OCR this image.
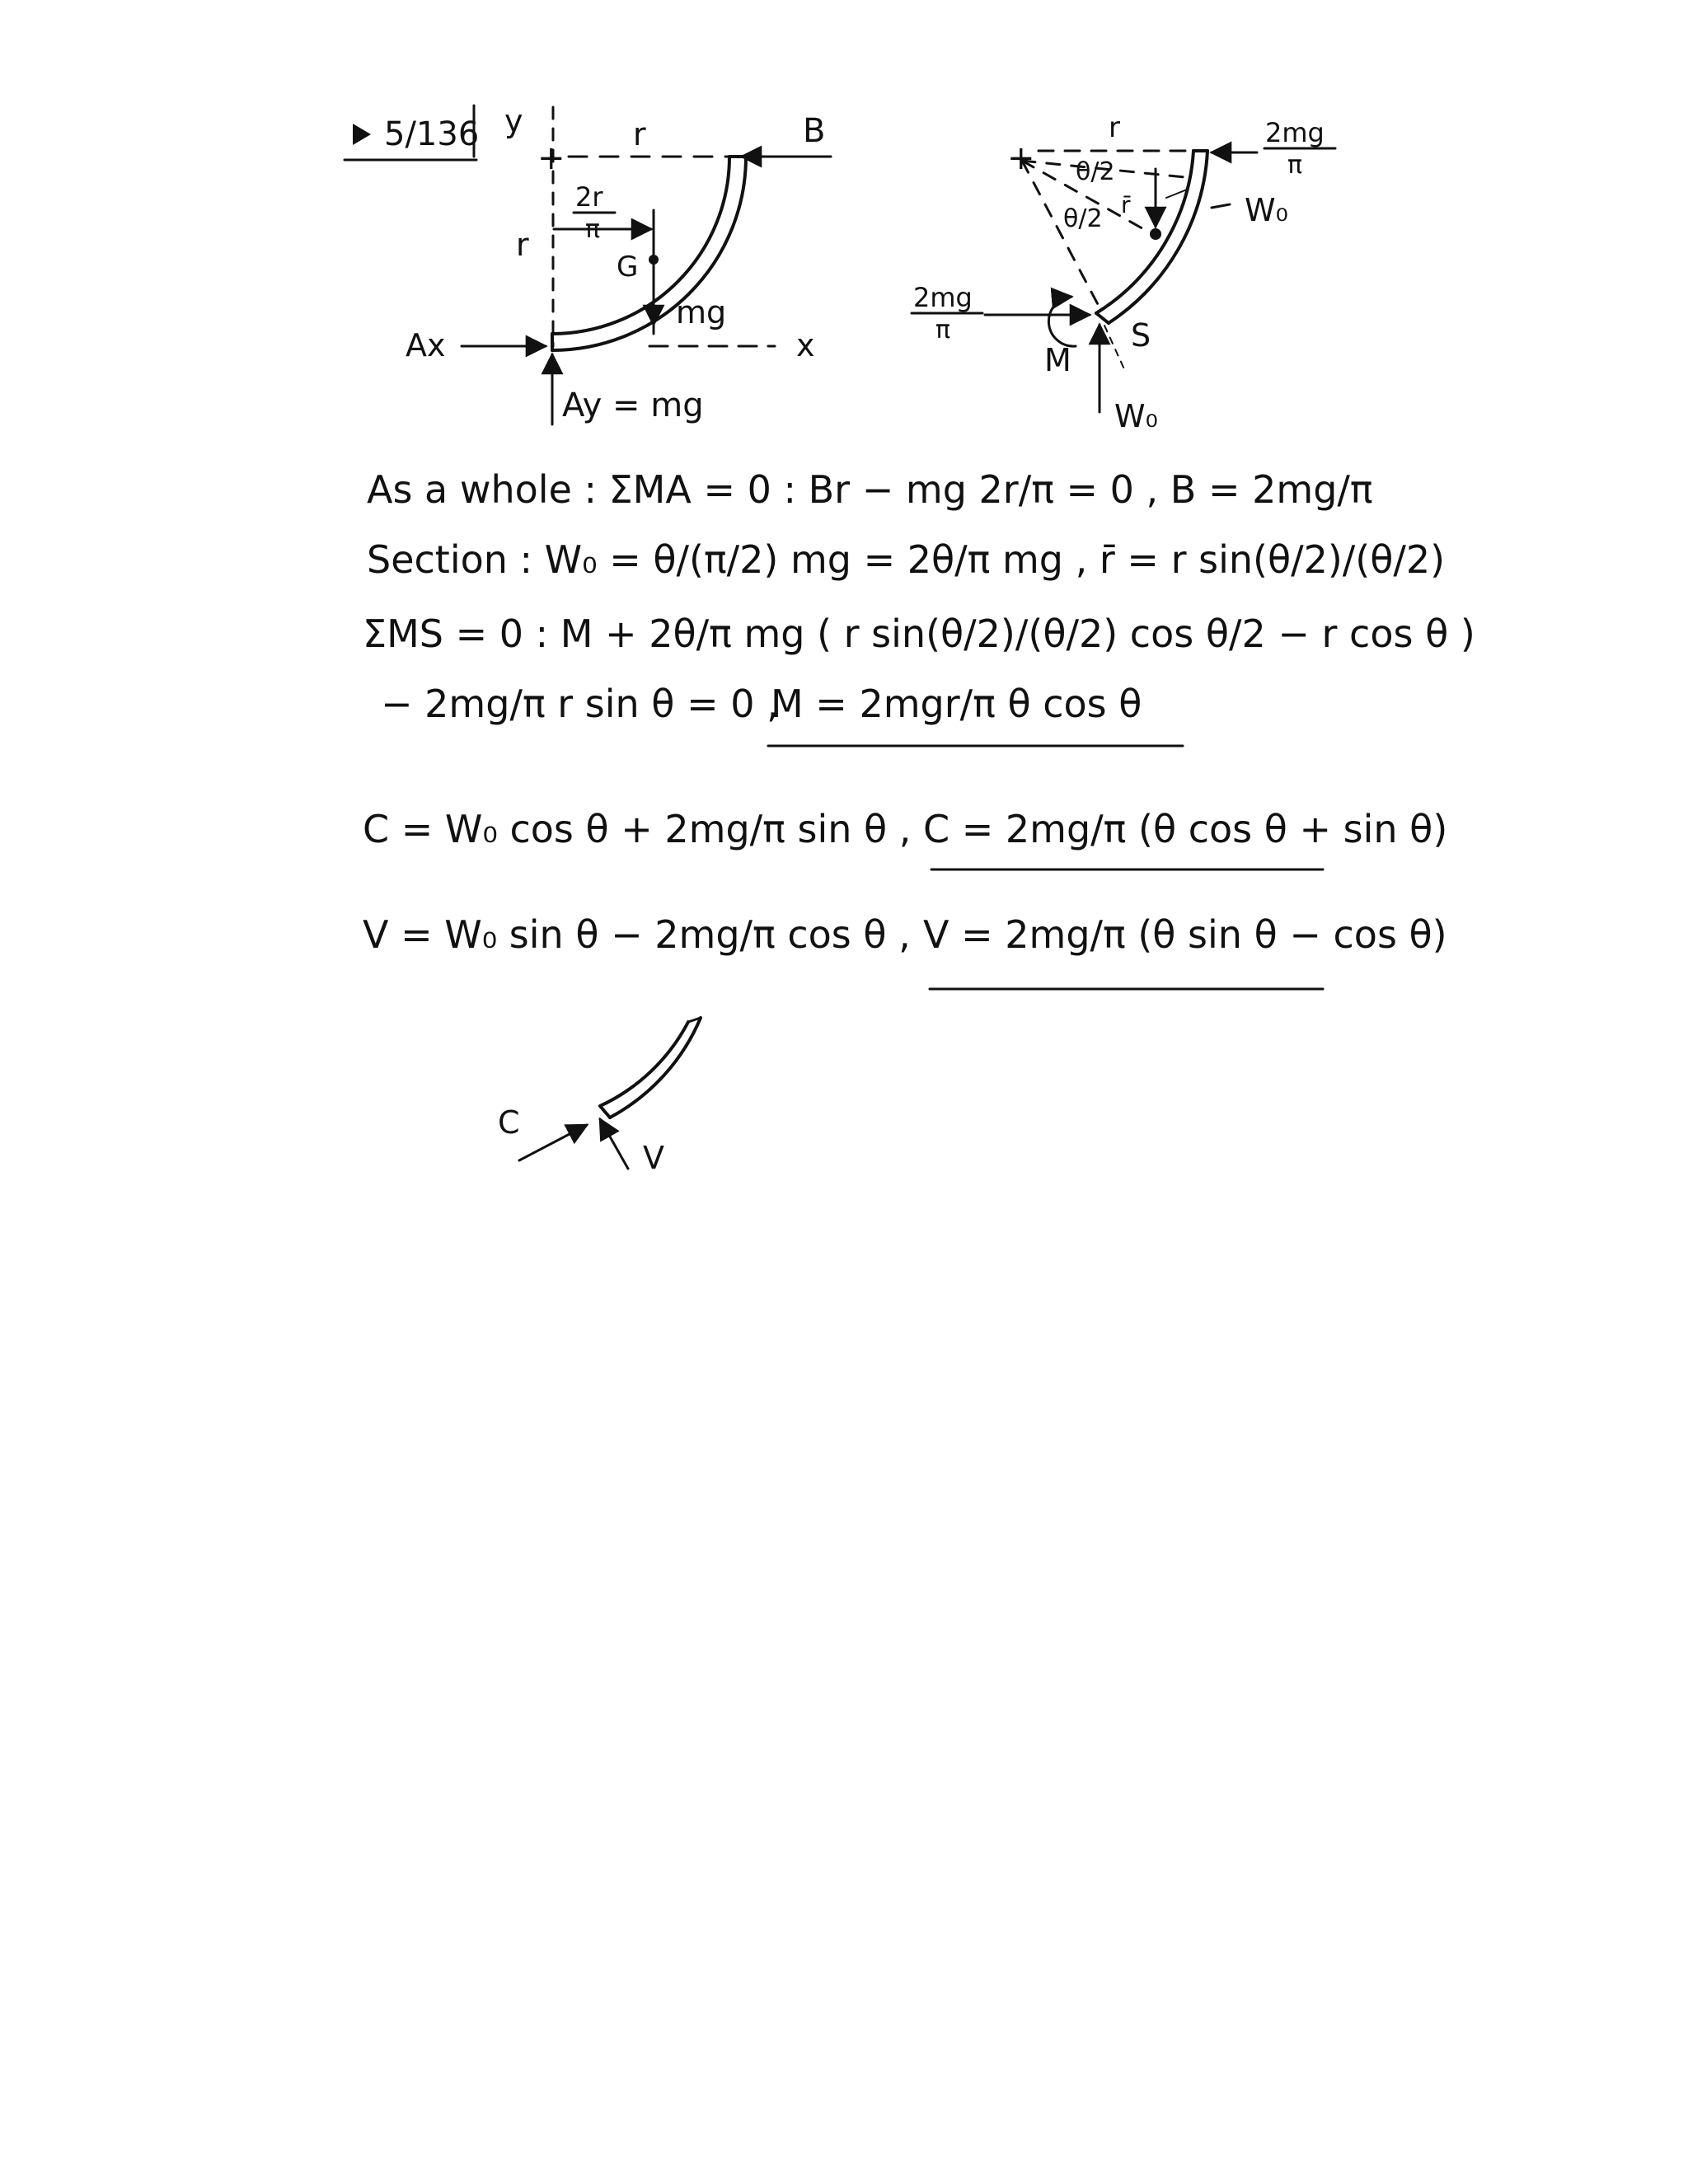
5/136 y
+
r	B
2r
π
r
G
mg
x
Ax
Ay = mg
+
r	2mg
π
θ/2
θ/2 r̄	W₀
2mg
π
M
S
W₀
As a whole : ΣMA = 0 : Br − mg 2r/π = 0 , B = 2mg/π
Section : W₀ = θ/(π/2) mg = 2θ/π mg , r̄ = r sin(θ/2)/(θ/2)
ΣMS = 0 : M + 2θ/π mg ( r sin(θ/2)/(θ/2) cos θ/2 − r cos θ )
− 2mg/π r sin θ = 0 ,
M = 2mgr/π θ cos θ
C = W₀ cos θ + 2mg/π sin θ , C = 2mg/π (θ cos θ + sin θ)
V = W₀ sin θ − 2mg/π cos θ , V = 2mg/π (θ sin θ − cos θ)
C
V
